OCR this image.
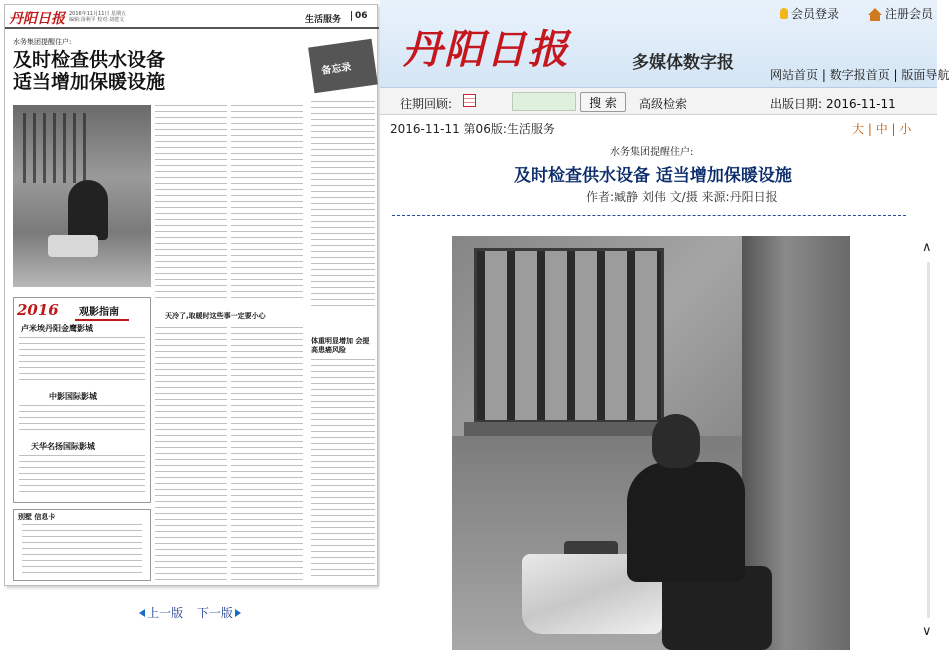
丹阳日报 2016年11月11日 星期五
编辑:汤利平 校对:刘建文	生活服务	06
水务集团提醒住户:
及时检查供水设备
适当增加保暖设施
备忘录
天冷了,取暖时这些事一定要小心
体重明显增加 会提高患癌风险
2016	观影指南
卢米埃丹阳金鹰影城
中影国际影城
天华名扬国际影城
别墅 信息卡
上一版 下一版
丹阳日报	多媒体数字报
会员登录	注册会员
网站首页 | 数字报首页 | 版面导航
往期回顾:	搜 索	高级检索	出版日期: 2016-11-11
2016-11-11 第06版:生活服务	大 | 中 | 小
水务集团提醒住户:
及时检查供水设备 适当增加保暖设施
作者:臧静 刘伟 文/摄 来源:丹阳日报
∧
∨
